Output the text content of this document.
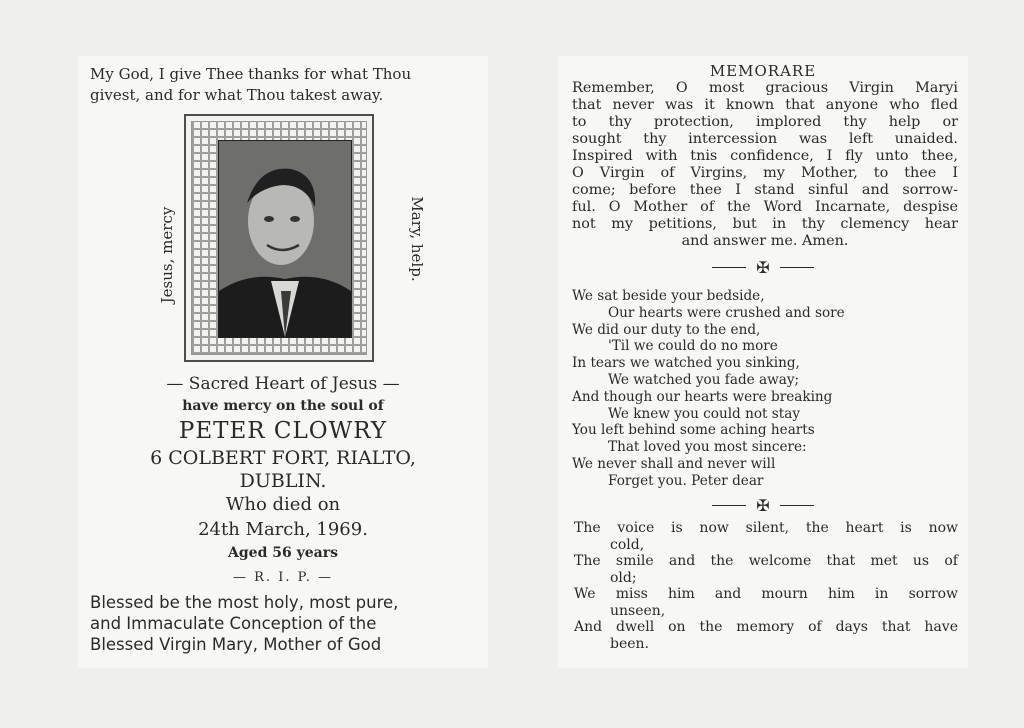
My God, I give Thee thanks for what Thou
givest, and for what Thou takest away.
Jesus, mercy	Mary, help.
— Sacred Heart of Jesus —
have mercy on the soul of
PETER CLOWRY
6 COLBERT FORT, RIALTO,
DUBLIN.
Who died on
24th March, 1969.
Aged 56 years
— R. I. P. —
Blessed be the most holy, most pure,
and Immaculate Conception of the
Blessed Virgin Mary, Mother of God
MEMORARE
Remember, O most gracious Virgin Maryi
that never was it known that anyone who fled
to thy protection, implored thy help or
sought thy intercession was left unaided.
Inspired with tnis confidence, I fly unto thee,
O Virgin of Virgins, my Mother, to thee I
come; before thee I stand sinful and sorrow-
ful. O Mother of the Word Incarnate, despise
not my petitions, but in thy clemency hear
and answer me. Amen.
✠
We sat beside your bedside,
Our hearts were crushed and sore
We did our duty to the end,
'Til we could do no more
In tears we watched you sinking,
We watched you fade away;
And though our hearts were breaking
We knew you could not stay
You left behind some aching hearts
That loved you most sincere:
We never shall and never will
Forget you. Peter dear
✠
The voice is now silent, the heart is now
cold,
The smile and the welcome that met us of
old;
We miss him and mourn him in sorrow
unseen,
And dwell on the memory of days that have
been.
